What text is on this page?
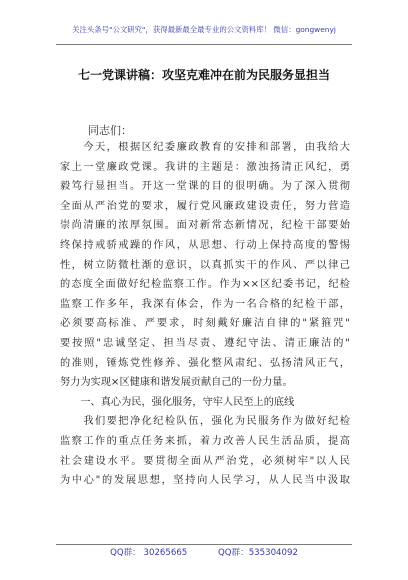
关注头条号"公文研究"，获得最新最全最专业的公文资料库！ 微信：gongwenyj
七一党课讲稿：攻坚克难冲在前为民服务显担当
同志们：
　　今天，根据区纪委廉政教育的安排和部署，由我给大
家上一堂廉政党课。我讲的主题是：激浊扬清正风纪，勇
毅笃行显担当。开这一堂课的目的很明确。为了深入贯彻
全面从严治党的要求，履行党风廉政建设责任，努力营造
崇尚清廉的浓厚氛围。面对新常态新情况，纪检干部要始
终保持戒骄戒躁的作风，从思想、行动上保持高度的警惕
性，树立防微杜渐的意识，以真抓实干的作风、严以律己
的态度全面做好纪检监察工作。作为××区纪委书记，纪检
监察工作多年，我深有体会，作为一名合格的纪检干部，
必须要高标准、严要求，时刻戴好廉洁自律的"紧箍咒"
要按照"忠诚坚定、担当尽责、遵纪守法、清正廉洁的"
的准则，锤炼党性修养、强化整风肃纪、弘扬清风正气，
努力为实现×区健康和谐发展贡献自己的一份力量。
　　一、真心为民，强化服务，守牢人民至上的底线
　　我们要把净化纪检队伍，强化为民服务作为做好纪检
监察工作的重点任务来抓，着力改善人民生活品质，提高
社会建设水平。要贯彻全面从严治党，必须树牢"以人民
为中心"的发展思想，坚持向人民学习，从人民当中汲取
QQ群： 30265665	QQ群：535304092
